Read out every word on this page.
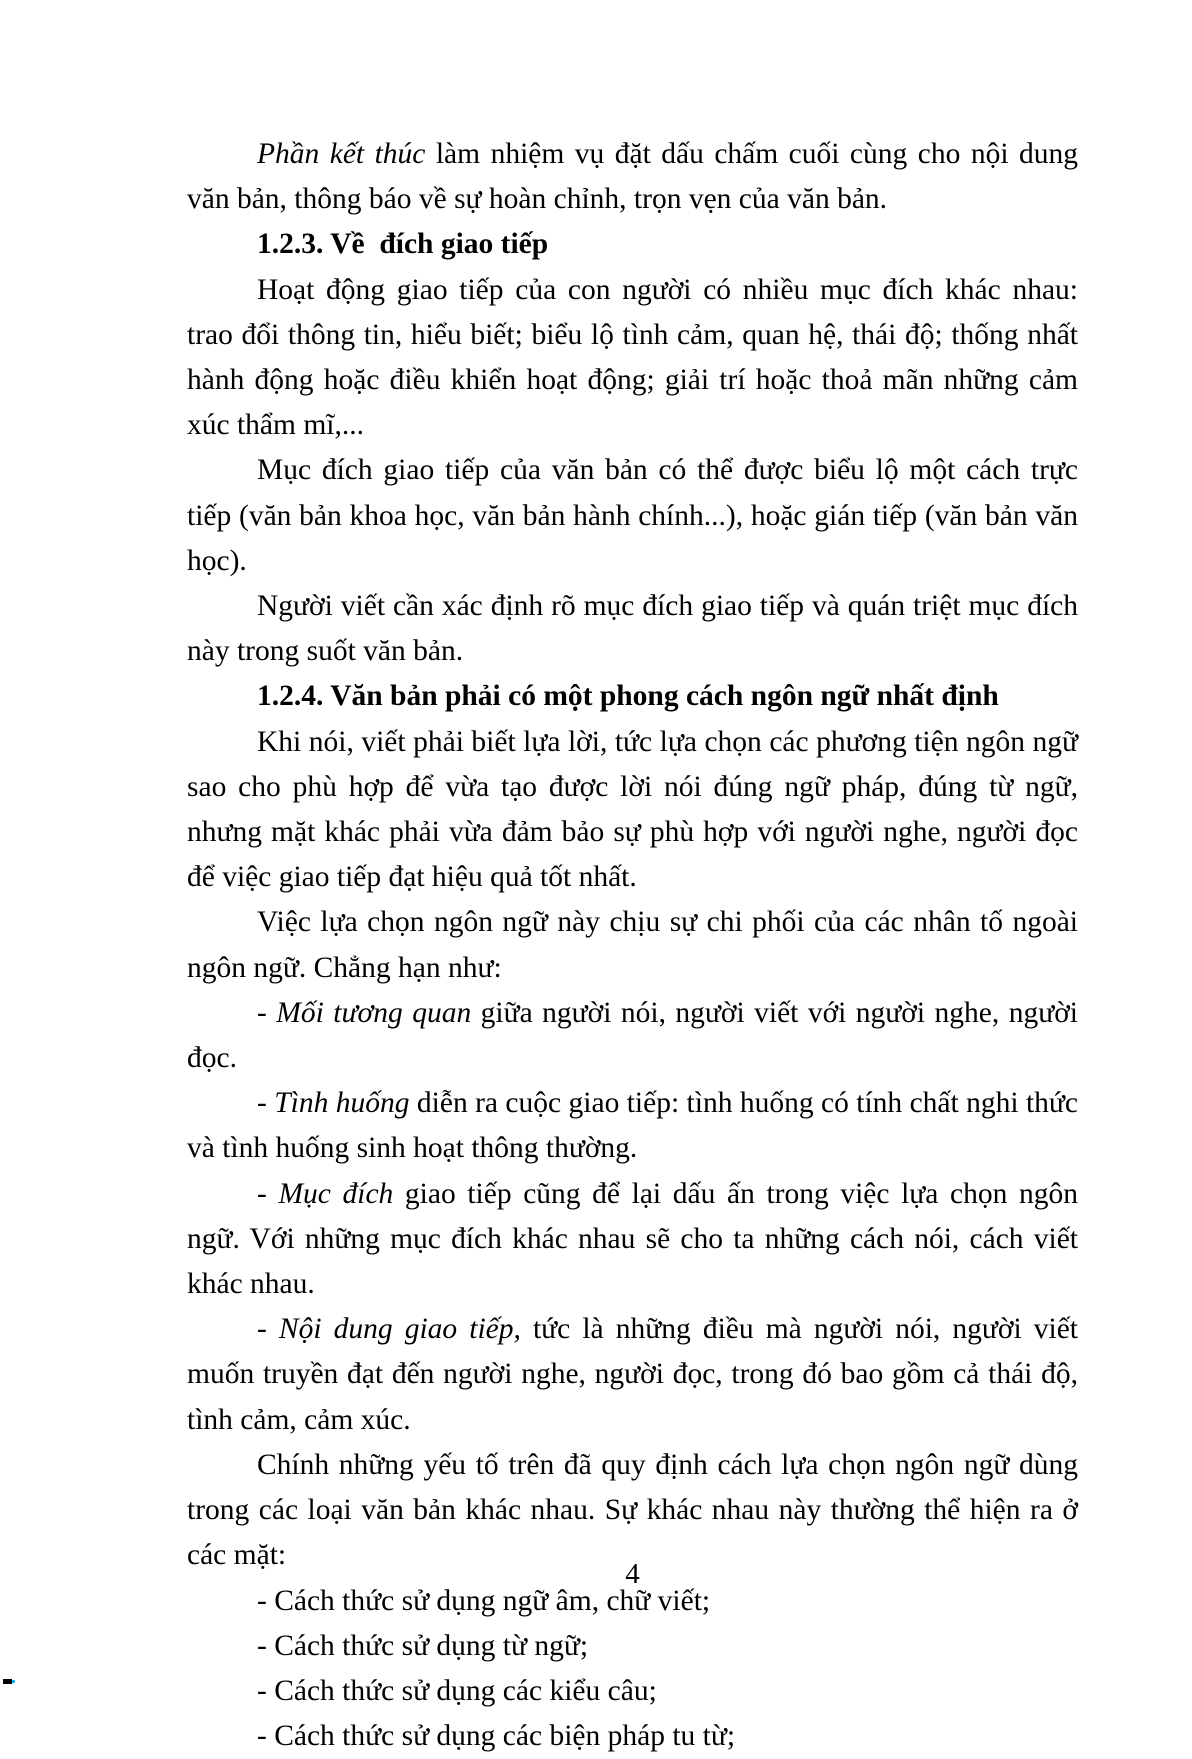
Phần kết thúc làm nhiệm vụ đặt dấu chấm cuối cùng cho nội dung văn bản, thông báo về sự hoàn chỉnh, trọn vẹn của văn bản.

1.2.3. Về  đích giao tiếp

Hoạt động giao tiếp của con người có nhiều mục đích khác nhau: trao đổi thông tin, hiểu biết; biểu lộ tình cảm, quan hệ, thái độ; thống nhất hành động hoặc điều khiển hoạt động; giải trí hoặc thoả mãn những cảm xúc thẩm mĩ,...

Mục đích giao tiếp của văn bản có thể được biểu lộ một cách trực tiếp (văn bản khoa học, văn bản hành chính...), hoặc gián tiếp (văn bản văn học).

Người viết cần xác định rõ mục đích giao tiếp và quán triệt mục đích này trong suốt văn bản.

1.2.4. Văn bản phải có một phong cách ngôn ngữ nhất định

Khi nói, viết phải biết lựa lời, tức lựa chọn các phương tiện ngôn ngữ sao cho phù hợp để vừa tạo được lời nói đúng ngữ pháp, đúng từ ngữ, nhưng mặt khác phải vừa đảm bảo sự phù hợp với người nghe, người đọc để việc giao tiếp đạt hiệu quả tốt nhất.

Việc lựa chọn ngôn ngữ này chịu sự chi phối của các nhân tố ngoài ngôn ngữ. Chẳng hạn như:

- Mối tương quan giữa người nói, người viết với người nghe, người đọc.

- Tình huống diễn ra cuộc giao tiếp: tình huống có tính chất nghi thức và tình huống sinh hoạt thông thường.

- Mục đích giao tiếp cũng để lại dấu ấn trong việc lựa chọn ngôn ngữ. Với những mục đích khác nhau sẽ cho ta những cách nói, cách viết khác nhau.

- Nội dung giao tiếp, tức là những điều mà người nói, người viết muốn truyền đạt đến người nghe, người đọc, trong đó bao gồm cả thái độ, tình cảm, cảm xúc.

Chính những yếu tố trên đã quy định cách lựa chọn ngôn ngữ dùng trong các loại văn bản khác nhau. Sự khác nhau này thường thể hiện ra ở các mặt:

- Cách thức sử dụng ngữ âm, chữ viết;

- Cách thức sử dụng từ ngữ;

- Cách thức sử dụng các kiểu câu;

- Cách thức sử dụng các biện pháp tu từ;

4
